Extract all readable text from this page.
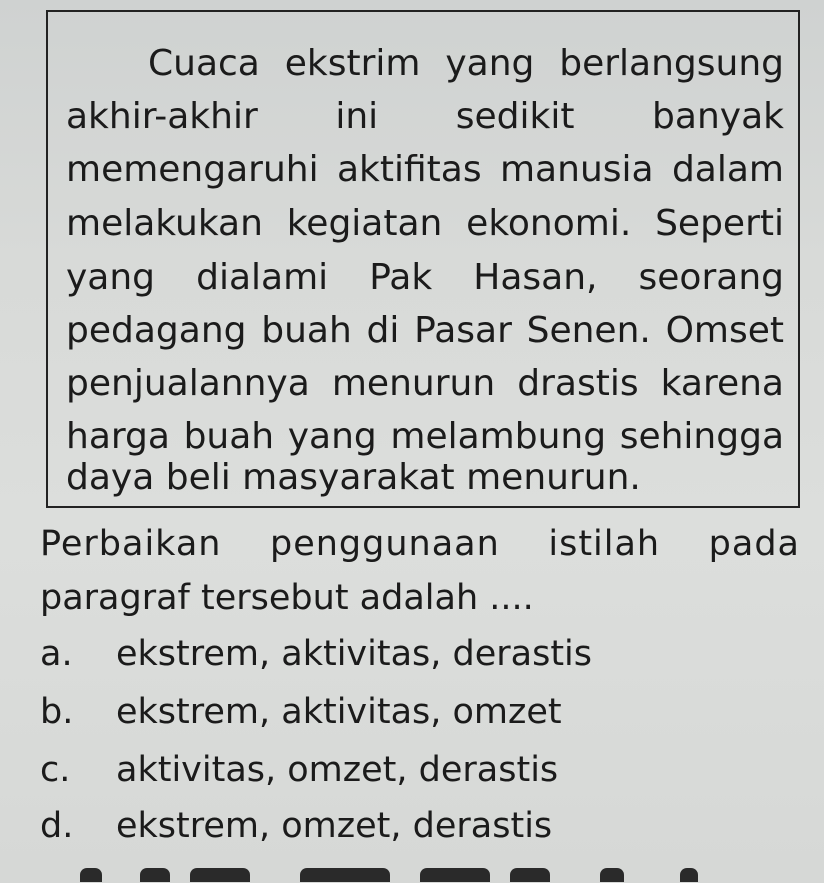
Cuaca ekstrim yang berlangsung
akhir-akhir ini sedikit banyak
memengaruhi aktifitas manusia dalam
melakukan kegiatan ekonomi. Seperti
yang dialami Pak Hasan, seorang
pedagang buah di Pasar Senen. Omset
penjualannya menurun drastis karena
harga buah yang melambung sehingga
daya beli masyarakat menurun.
Perbaikan penggunaan istilah pada
paragraf tersebut adalah ....
a. ekstrem, aktivitas, derastis
b. ekstrem, aktivitas, omzet
c. aktivitas, omzet, derastis
d. ekstrem, omzet, derastis
